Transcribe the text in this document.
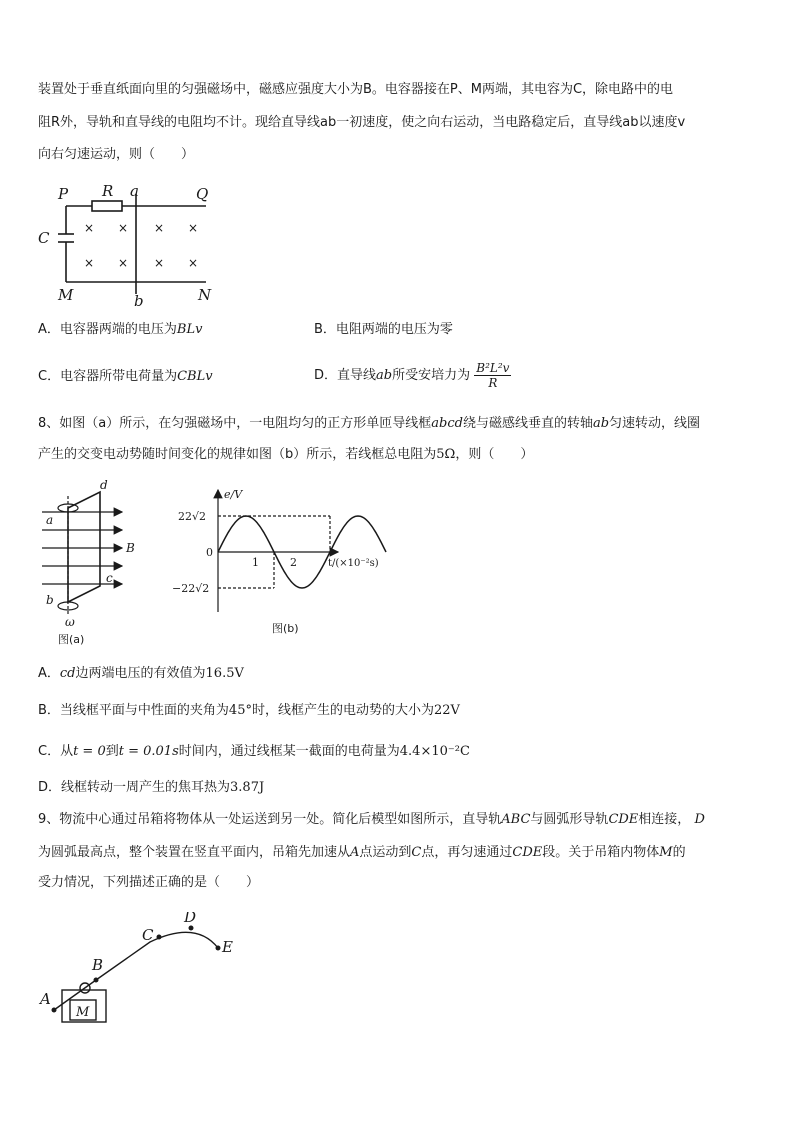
装置处于垂直纸面向里的匀强磁场中，磁感应强度大小为B。电容器接在P、M两端，其电容为C，除电路中的电
阻R外，导轨和直导线的电阻均不计。现给直导线ab一初速度，使之向右运动，当电路稳定后，直导线ab以速度v
向右匀速运动，则（　　）
P R a	Q
C
M	b	N
× × × ×
× × × ×
A．电容器两端的电压为BLv	B．电阻两端的电压为零
C．电容器所带电荷量为CBLv	D．直导线ab所受安培力为 $\frac{\text{B²L²v}}{R}$
8、如图（a）所示，在匀强磁场中，一电阻均匀的正方形单匝导线框abcd绕与磁感线垂直的转轴ab匀速转动，线圈
产生的交变电动势随时间变化的规律如图（b）所示，若线框总电阻为5Ω，则（　　）
d
a
B
c
b
ω
图(a)
e/V
22√2
0
−22√2
1	2	t/(×10⁻²s)
图(b)
A．cd边两端电压的有效值为16.5V
B．当线框平面与中性面的夹角为45°时，线框产生的电动势的大小为22V
C．从t = 0到t = 0.01s时间内，通过线框某一截面的电荷量为4.4×10⁻²C
D．线框转动一周产生的焦耳热为3.87J
9、物流中心通过吊箱将物体从一处运送到另一处。简化后模型如图所示，直导轨ABC与圆弧形导轨CDE相连接， D
为圆弧最高点，整个装置在竖直平面内，吊箱先加速从A点运动到C点，再匀速通过CDE段。关于吊箱内物体M的
受力情况，下列描述正确的是（　　）
A
B
C
D
E
M
